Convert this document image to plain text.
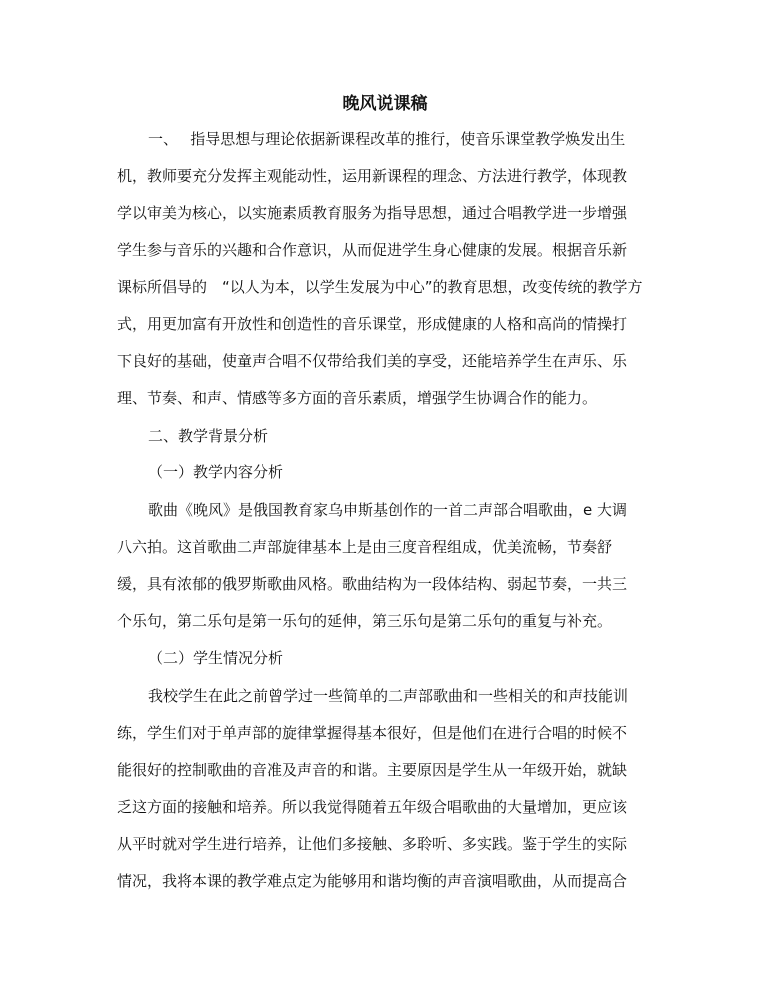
晚风说课稿
一、　 指导思想与理论依据新课程改革的推行，使音乐课堂教学焕发出生
机，教师要充分发挥主观能动性，运用新课程的理念、方法进行教学，体现教
学以审美为核心，以实施素质教育服务为指导思想，通过合唱教学进一步增强
学生参与音乐的兴趣和合作意识，从而促进学生身心健康的发展。根据音乐新
课标所倡导的　“以人为本，以学生发展为中心”的教育思想，改变传统的教学方
式，用更加富有开放性和创造性的音乐课堂，形成健康的人格和高尚的情操打
下良好的基础，使童声合唱不仅带给我们美的享受，还能培养学生在声乐、乐
理、节奏、和声、情感等多方面的音乐素质，增强学生协调合作的能力。
二、教学背景分析
（一）教学内容分析
歌曲《晚风》是俄国教育家乌申斯基创作的一首二声部合唱歌曲，e 大调
八六拍。这首歌曲二声部旋律基本上是由三度音程组成，优美流畅，节奏舒
缓，具有浓郁的俄罗斯歌曲风格。歌曲结构为一段体结构、弱起节奏，一共三
个乐句，第二乐句是第一乐句的延伸，第三乐句是第二乐句的重复与补充。
（二）学生情况分析
我校学生在此之前曾学过一些简单的二声部歌曲和一些相关的和声技能训
练，学生们对于单声部的旋律掌握得基本很好，但是他们在进行合唱的时候不
能很好的控制歌曲的音准及声音的和谐。主要原因是学生从一年级开始，就缺
乏这方面的接触和培养。所以我觉得随着五年级合唱歌曲的大量增加，更应该
从平时就对学生进行培养，让他们多接触、多聆听、多实践。鉴于学生的实际
情况，我将本课的教学难点定为能够用和谐均衡的声音演唱歌曲，从而提高合
